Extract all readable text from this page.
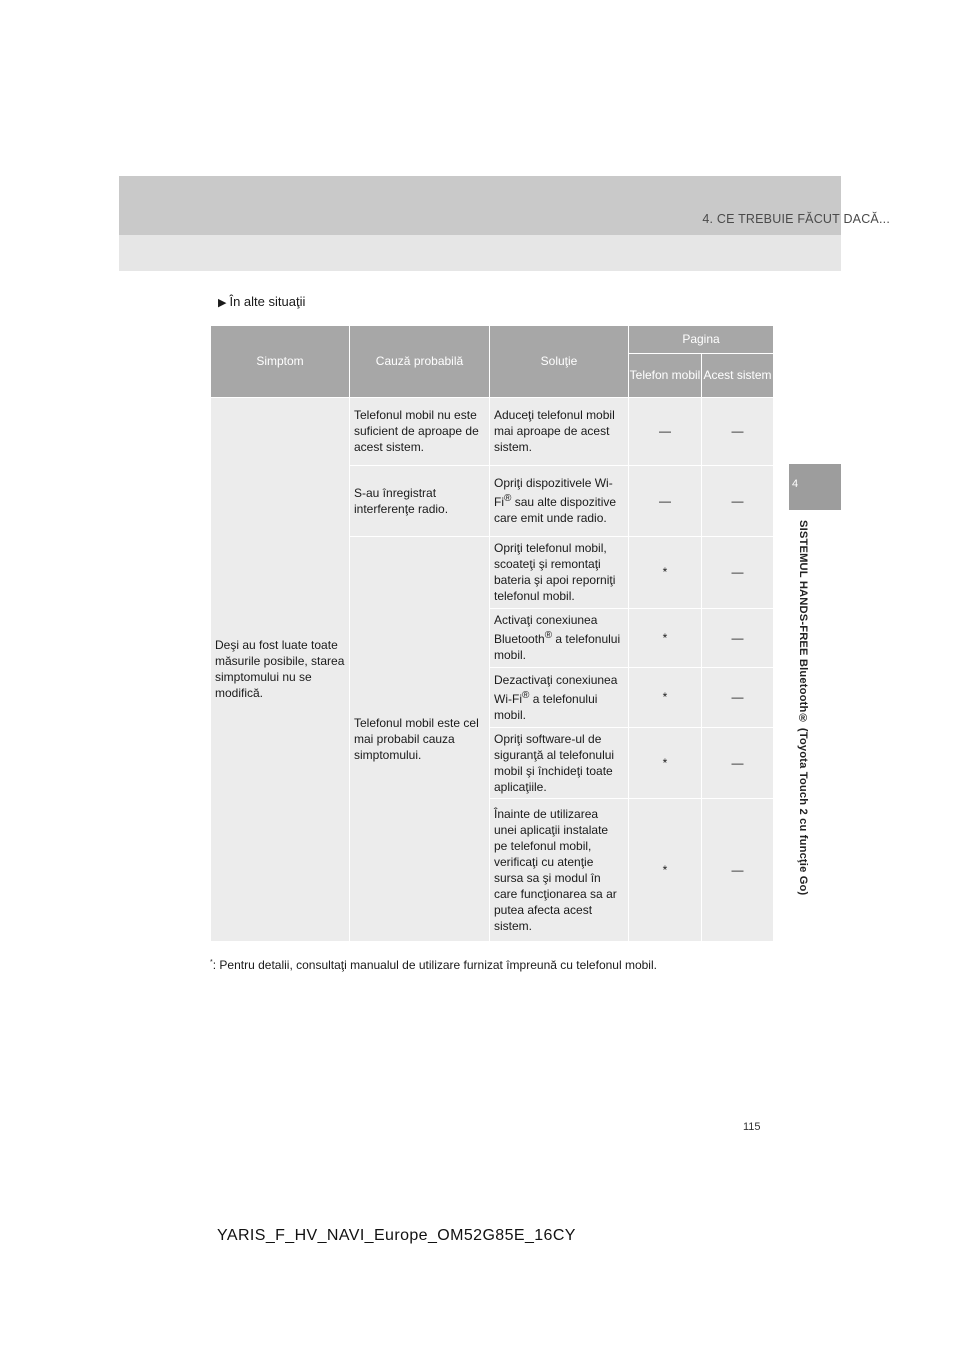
4. CE TREBUIE FĂCUT DACĂ...
4
SISTEMUL HANDS-FREE Bluetooth® (Toyota Touch 2 cu funcţie Go)
▶ În alte situaţii
Simptom	Cauză probabilă	Soluţie	Pagina	
			Telefon mobil	Acest sistem
Deşi au fost luate toate măsurile posibile, starea simptomului nu se modifică.	Telefonul mobil nu este suficient de aproape de acest sistem.	Aduceţi telefonul mobil mai aproape de acest sistem.	—	—
	S-au înregistrat interferenţe radio.	Opriţi dispozitivele Wi-Fi® sau alte dispozitive care emit unde radio.	—	—
	Telefonul mobil este cel mai probabil cauza simptomului.	Opriţi telefonul mobil, scoateţi şi remontaţi bateria şi apoi reporniţi telefonul mobil.	*	—
		Activaţi conexiunea Bluetooth® a telefonului mobil.	*	—
		Dezactivaţi conexiunea Wi-Fi® a telefonului mobil.	*	—
		Opriţi software-ul de siguranţă al telefonului mobil şi închideţi toate aplicaţiile.	*	—
		Înainte de utilizarea unei aplicaţii instalate pe telefonul mobil, verificaţi cu atenţie sursa sa şi modul în care funcţionarea sa ar putea afecta acest sistem.	*	—
*: Pentru detalii, consultaţi manualul de utilizare furnizat împreună cu telefonul mobil.
115
YARIS_F_HV_NAVI_Europe_OM52G85E_16CY
